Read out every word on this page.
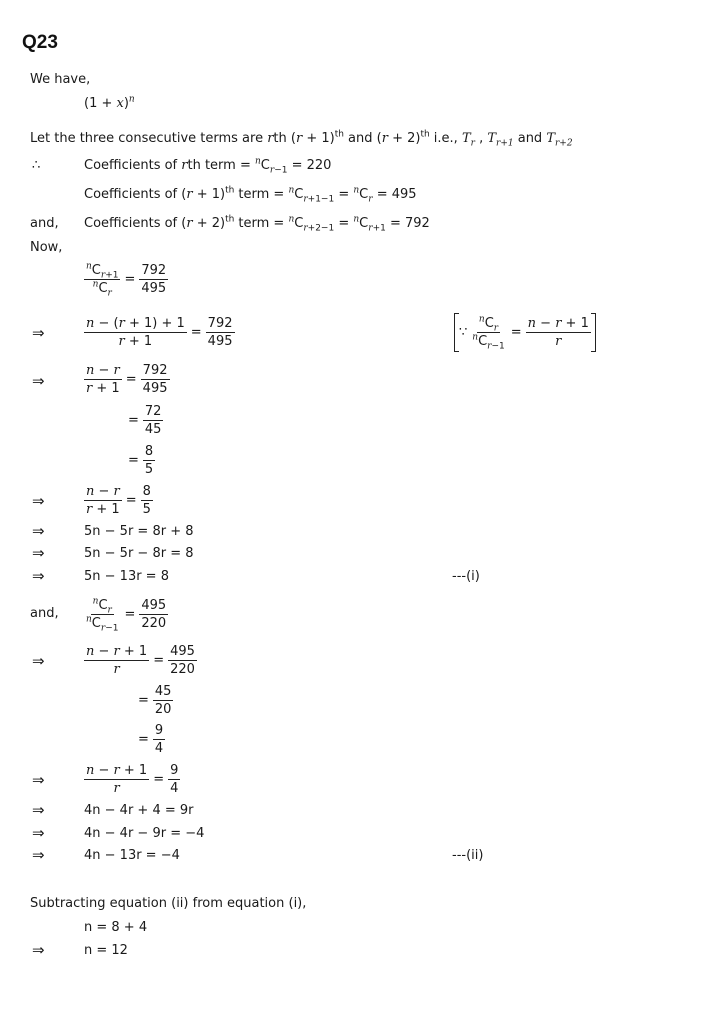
Q23
We have,
$(1 + x)^n$
Let the three consecutive terms are rth $(r + 1)^{th}$ and $(r + 2)^{th}$ i.e., $T_r$ , $T_{r+1}$ and $T_{r+2}$
∴	Coefficients of rth term = $^nC_{r-1} = 220$
Coefficients of $(r + 1)^{th}$ term = $^nC_{r+1-1} = ^nC_r = 495$
and, Coefficients of $(r + 2)^{th}$ term = $^nC_{r+2-1} = ^nC_{r+1} = 792$
Now,
$\frac{^nC_{r+1}}{^nC_r} = \frac{792}{495}$
⇒	$\frac{n - (r + 1) + 1}{r + 1} = \frac{792}{495}$	∵ $\frac{^nC_r}{^nC_{r-1}} = \frac{n - r + 1}{r}$
⇒	$\frac{n - r}{r + 1} = \frac{792}{495}$
= $\frac{72}{45}$
= $\frac{8}{5}$
⇒	$\frac{n - r}{r + 1} = \frac{8}{5}$
⇒	5n − 5r = 8r + 8
⇒	5n − 5r − 8r = 8
⇒	5n − 13r = 8	---(i)
and,	$\frac{^nC_r}{^nC_{r-1}} = \frac{495}{220}$
⇒	$\frac{n - r + 1}{r} = \frac{495}{220}$
= $\frac{45}{20}$
= $\frac{9}{4}$
⇒	$\frac{n - r + 1}{r} = \frac{9}{4}$
⇒	4n − 4r + 4 = 9r
⇒	4n − 4r − 9r = −4
⇒	4n − 13r = −4	---(ii)
Subtracting equation (ii) from equation (i),
n = 8 + 4
⇒	n = 12
